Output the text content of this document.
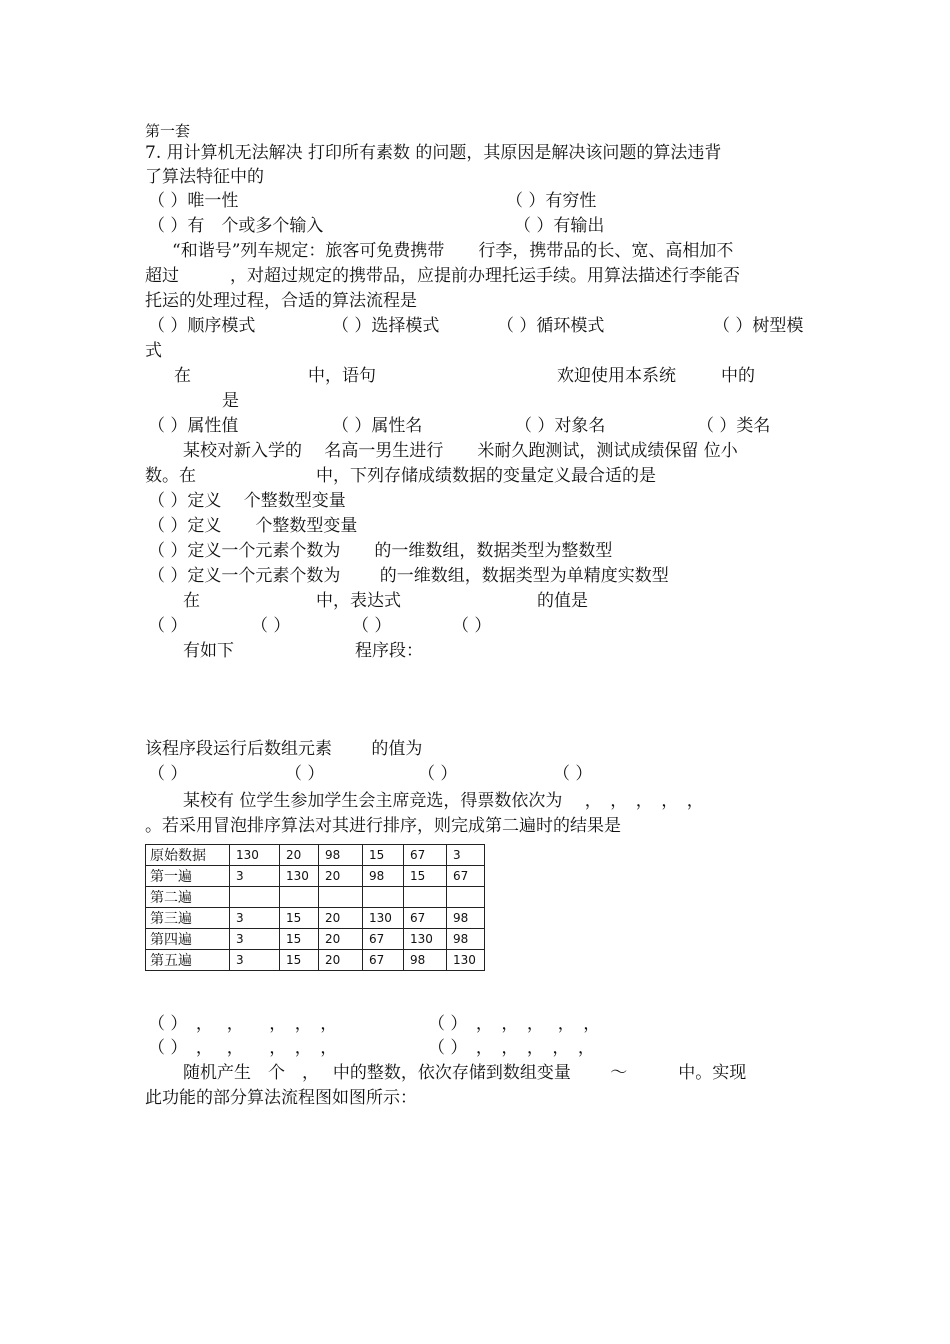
第一套
7. 用计算机无法解决 打印所有素数 的问题，其原因是解决该问题的算法违背
了算法特征中的
（ ）唯一性	（ ）有穷性
（ ）有　个或多个输入	（ ）有输出
“和谐号”列车规定：旅客可免费携带　　行李，携带品的长、宽、高相加不
超过　　　，对超过规定的携带品，应提前办理托运手续。用算法描述行李能否
托运的处理过程，合适的算法流程是
（ ）顺序模式	（ ）选择模式	（ ）循环模式	（ ）树型模
式
在	中，语句	欢迎使用本系统	中的
是
（ ）属性值	（ ）属性名	（ ）对象名	（ ）类名
某校对新入学的　 名高一男生进行　　米耐久跑测试，测试成绩保留 位小
数。在	中，下列存储成绩数据的变量定义最合适的是
（ ）定义　 个整数型变量
（ ）定义　　个整数型变量
（ ）定义一个元素个数为　　的一维数组，数据类型为整数型
（ ）定义一个元素个数为　　 的一维数组，数据类型为单精度实数型
在	中，表达式	的值是
（ ）	（ ）	（ ）	（ ）
有如下	程序段：
该程序段运行后数组元素　　 的值为
（ ）	（ ）	（ ）	（ ）
某校有 位学生参加学生会主席竞选，得票数依次为　 ，　，　，　，　，
。若采用冒泡排序算法对其进行排序，则完成第二遍时的结果是
原始数据	130	20	98	15	67	3
第一遍	3	130	20	98	15	67
第二遍						
第三遍	3	15	20	130	67	98
第四遍	3	15	20	67	130	98
第五遍	3	15	20	67	98	130
（ ）　，　 ，　　，　，　，	（ ）　，　，　，　 ，　，
（ ）　，　 ，　　，　，　，	（ ）　，　，　，　，　，
随机产生　个　，　 中的整数，依次存储到数组变量　　 ～　　　中。实现
此功能的部分算法流程图如图所示：
